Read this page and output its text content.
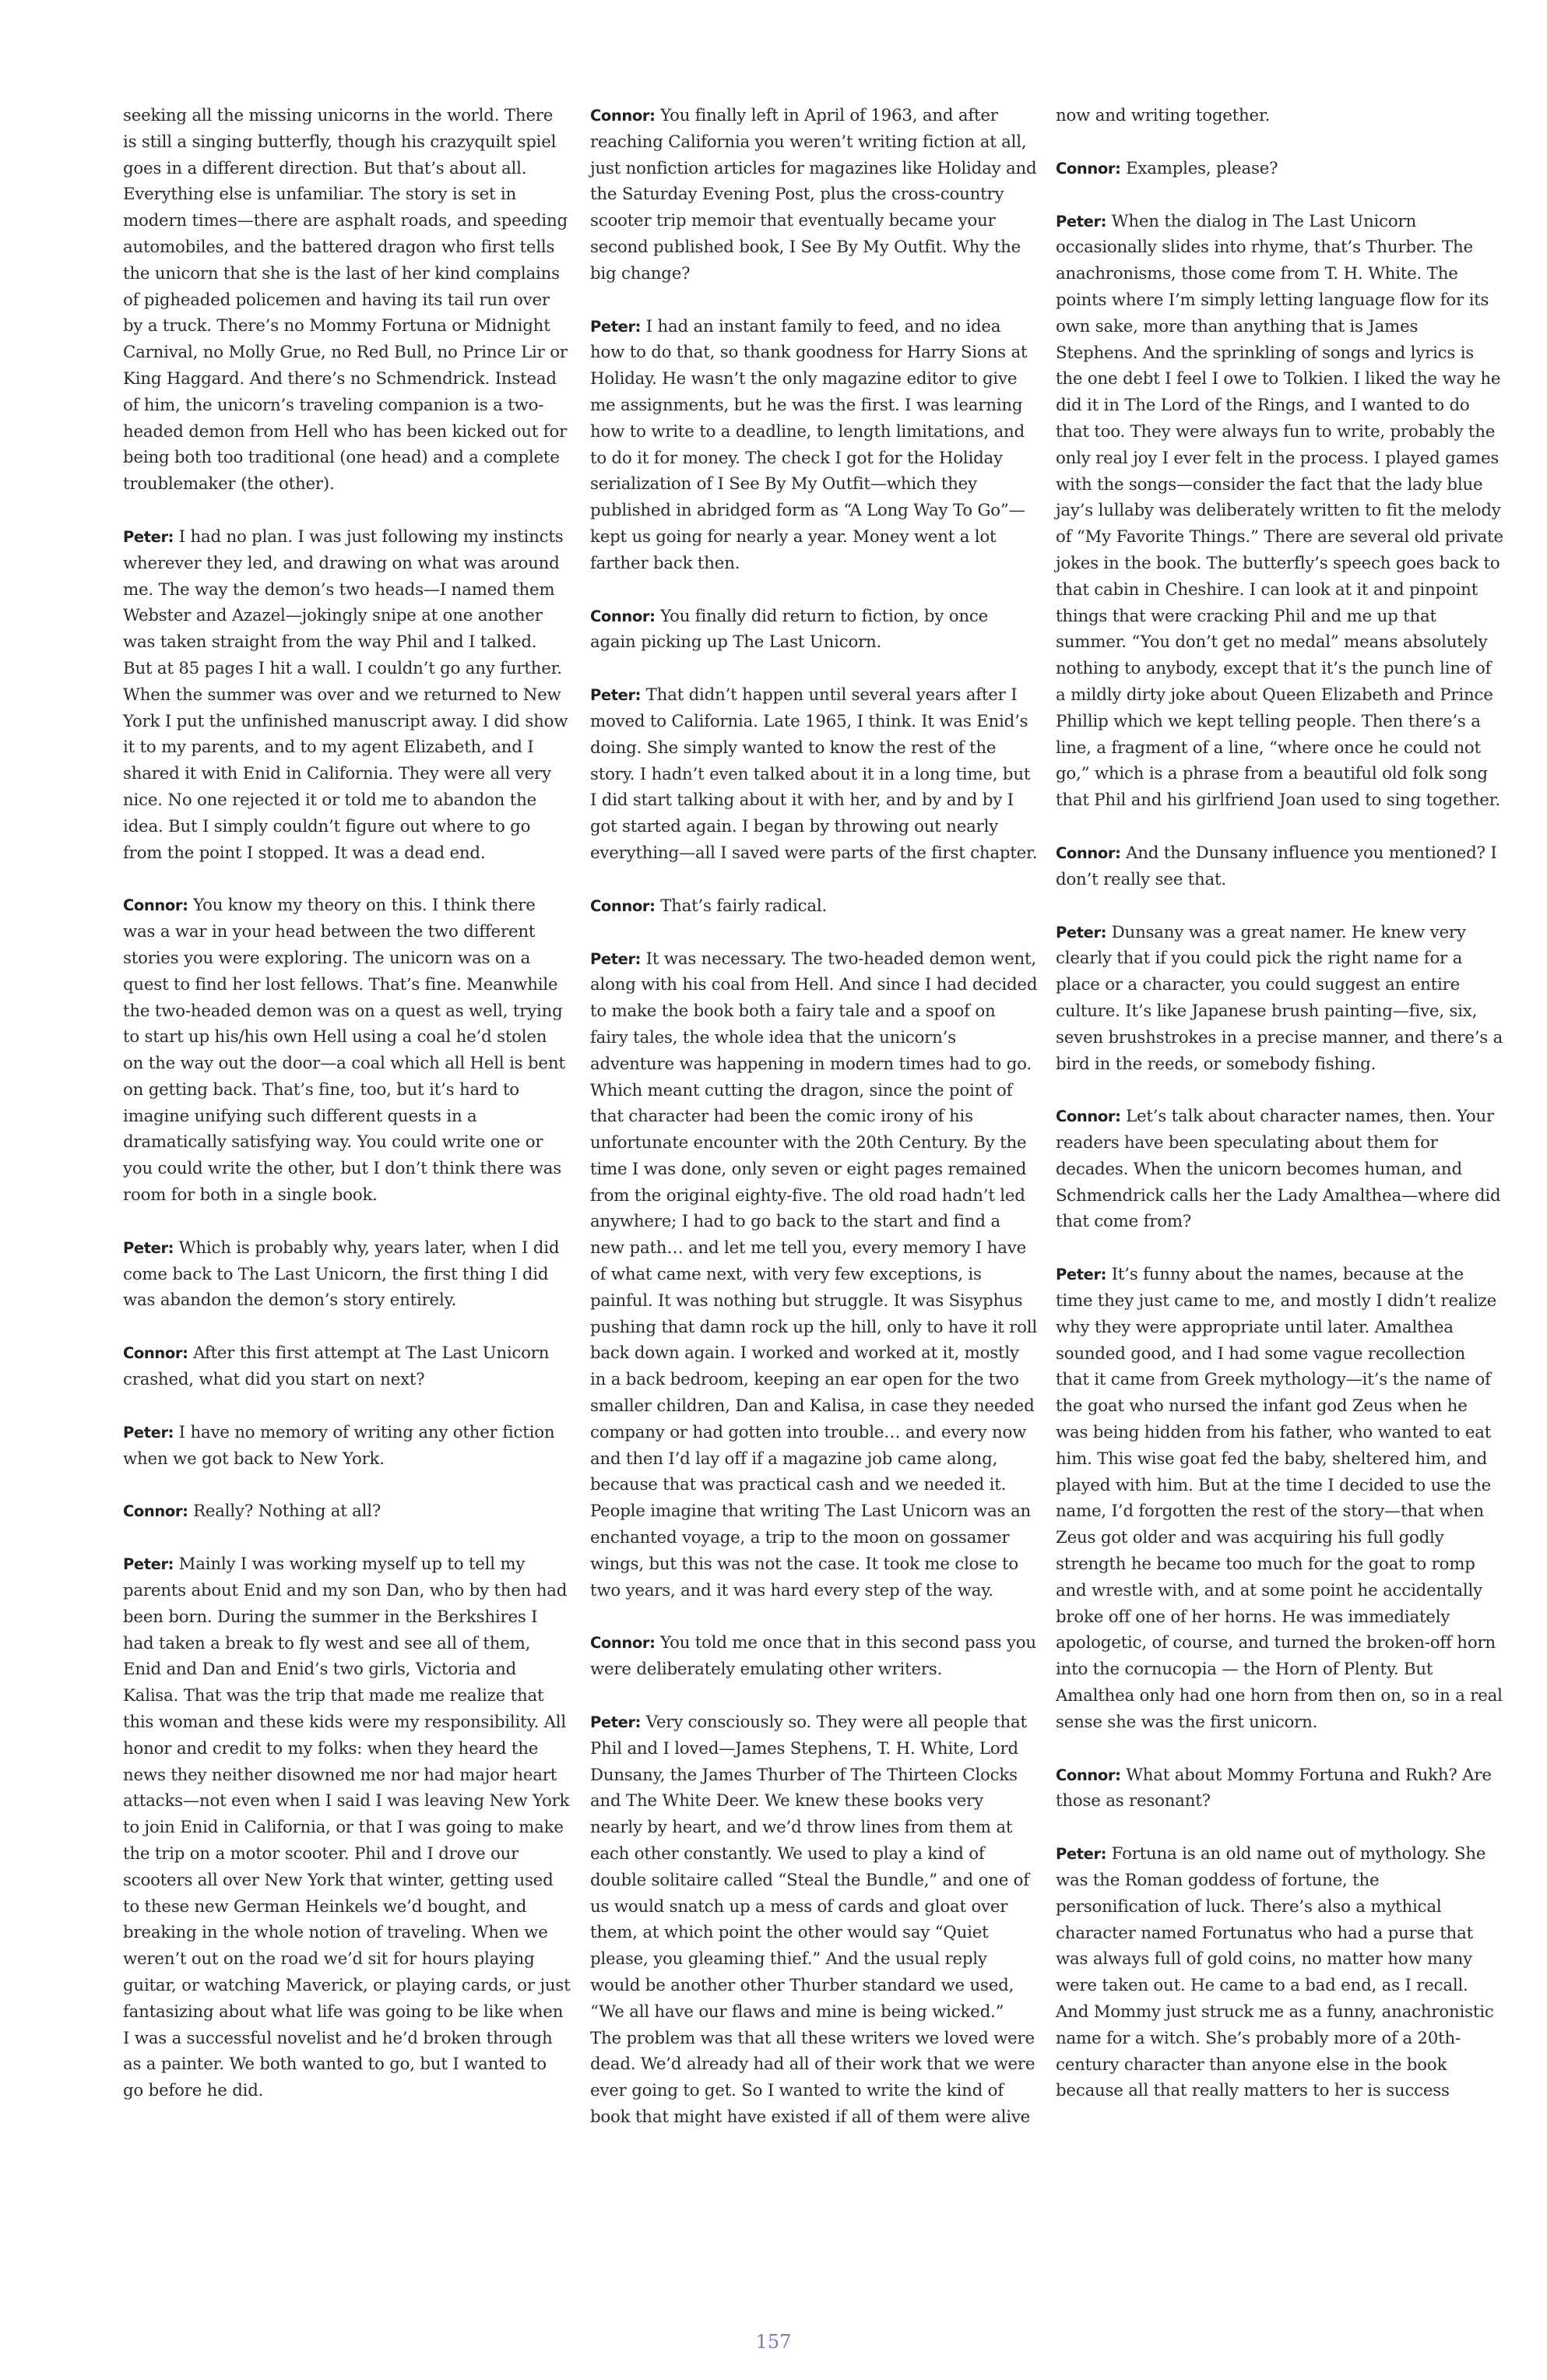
seeking all the missing unicorns in the world. There is still a singing butterfly, though his crazyquilt spiel goes in a different direction. But that’s about all. Everything else is unfamiliar. The story is set in modern times—there are asphalt roads, and speeding automobiles, and the battered dragon who first tells the unicorn that she is the last of her kind complains of pigheaded policemen and having its tail run over by a truck. There’s no Mommy Fortuna or Midnight Carnival, no Molly Grue, no Red Bull, no Prince Lir or King Haggard. And there’s no Schmendrick. Instead of him, the unicorn’s traveling companion is a two-headed demon from Hell who has been kicked out for being both too traditional (one head) and a complete troublemaker (the other).

Peter: I had no plan. I was just following my instincts wherever they led, and drawing on what was around me. The way the demon’s two heads—I named them Webster and Azazel—jokingly snipe at one another was taken straight from the way Phil and I talked. But at 85 pages I hit a wall. I couldn’t go any further. When the summer was over and we returned to New York I put the unfinished manuscript away. I did show it to my parents, and to my agent Elizabeth, and I shared it with Enid in California. They were all very nice. No one rejected it or told me to abandon the idea. But I simply couldn’t figure out where to go from the point I stopped. It was a dead end.

Connor: You know my theory on this. I think there was a war in your head between the two different stories you were exploring. The unicorn was on a quest to find her lost fellows. That’s fine. Meanwhile the two-headed demon was on a quest as well, trying to start up his/his own Hell using a coal he’d stolen on the way out the door—a coal which all Hell is bent on getting back. That’s fine, too, but it’s hard to imagine unifying such different quests in a dramatically satisfying way. You could write one or you could write the other, but I don’t think there was room for both in a single book.

Peter: Which is probably why, years later, when I did come back to The Last Unicorn, the first thing I did was abandon the demon’s story entirely.

Connor: After this first attempt at The Last Unicorn crashed, what did you start on next?

Peter: I have no memory of writing any other fiction when we got back to New York.

Connor: Really? Nothing at all?

Peter: Mainly I was working myself up to tell my parents about Enid and my son Dan, who by then had been born. During the summer in the Berkshires I had taken a break to fly west and see all of them, Enid and Dan and Enid’s two girls, Victoria and Kalisa. That was the trip that made me realize that this woman and these kids were my responsibility. All honor and credit to my folks: when they heard the news they neither disowned me nor had major heart attacks—not even when I said I was leaving New York to join Enid in California, or that I was going to make the trip on a motor scooter. Phil and I drove our scooters all over New York that winter, getting used to these new German Heinkels we’d bought, and breaking in the whole notion of traveling. When we weren’t out on the road we’d sit for hours playing guitar, or watching Maverick, or playing cards, or just fantasizing about what life was going to be like when I was a successful novelist and he’d broken through as a painter. We both wanted to go, but I wanted to go before he did.

Connor: You finally left in April of 1963, and after reaching California you weren’t writing fiction at all, just nonfiction articles for magazines like Holiday and the Saturday Evening Post, plus the cross-country scooter trip memoir that eventually became your second published book, I See By My Outfit. Why the big change?

Peter: I had an instant family to feed, and no idea how to do that, so thank goodness for Harry Sions at Holiday. He wasn’t the only magazine editor to give me assignments, but he was the first. I was learning how to write to a deadline, to length limitations, and to do it for money. The check I got for the Holiday serialization of I See By My Outfit—which they published in abridged form as “A Long Way To Go”—kept us going for nearly a year. Money went a lot farther back then.

Connor: You finally did return to fiction, by once again picking up The Last Unicorn.

Peter: That didn’t happen until several years after I moved to California. Late 1965, I think. It was Enid’s doing. She simply wanted to know the rest of the story. I hadn’t even talked about it in a long time, but I did start talking about it with her, and by and by I got started again. I began by throwing out nearly everything—all I saved were parts of the first chapter.

Connor: That’s fairly radical.

Peter: It was necessary. The two-headed demon went, along with his coal from Hell. And since I had decided to make the book both a fairy tale and a spoof on fairy tales, the whole idea that the unicorn’s adventure was happening in modern times had to go. Which meant cutting the dragon, since the point of that character had been the comic irony of his unfortunate encounter with the 20th Century. By the time I was done, only seven or eight pages remained from the original eighty-five. The old road hadn’t led anywhere; I had to go back to the start and find a new path… and let me tell you, every memory I have of what came next, with very few exceptions, is painful. It was nothing but struggle. It was Sisyphus pushing that damn rock up the hill, only to have it roll back down again. I worked and worked at it, mostly in a back bedroom, keeping an ear open for the two smaller children, Dan and Kalisa, in case they needed company or had gotten into trouble… and every now and then I’d lay off if a magazine job came along, because that was practical cash and we needed it. People imagine that writing The Last Unicorn was an enchanted voyage, a trip to the moon on gossamer wings, but this was not the case. It took me close to two years, and it was hard every step of the way.

Connor: You told me once that in this second pass you were deliberately emulating other writers.

Peter: Very consciously so. They were all people that Phil and I loved—James Stephens, T. H. White, Lord Dunsany, the James Thurber of The Thirteen Clocks and The White Deer. We knew these books very nearly by heart, and we’d throw lines from them at each other constantly. We used to play a kind of double solitaire called “Steal the Bundle,” and one of us would snatch up a mess of cards and gloat over them, at which point the other would say “Quiet please, you gleaming thief.” And the usual reply would be another other Thurber standard we used, “We all have our flaws and mine is being wicked.” The problem was that all these writers we loved were dead. We’d already had all of their work that we were ever going to get. So I wanted to write the kind of book that might have existed if all of them were alive

now and writing together.

Connor: Examples, please?

Peter: When the dialog in The Last Unicorn occasionally slides into rhyme, that’s Thurber. The anachronisms, those come from T. H. White. The points where I’m simply letting language flow for its own sake, more than anything that is James Stephens. And the sprinkling of songs and lyrics is the one debt I feel I owe to Tolkien. I liked the way he did it in The Lord of the Rings, and I wanted to do that too. They were always fun to write, probably the only real joy I ever felt in the process. I played games with the songs—consider the fact that the lady blue jay’s lullaby was deliberately written to fit the melody of “My Favorite Things.” There are several old private jokes in the book. The butterfly’s speech goes back to that cabin in Cheshire. I can look at it and pinpoint things that were cracking Phil and me up that summer. “You don’t get no medal” means absolutely nothing to anybody, except that it’s the punch line of a mildly dirty joke about Queen Elizabeth and Prince Phillip which we kept telling people. Then there’s a line, a fragment of a line, “where once he could not go,” which is a phrase from a beautiful old folk song that Phil and his girlfriend Joan used to sing together.

Connor: And the Dunsany influence you mentioned? I don’t really see that.

Peter: Dunsany was a great namer. He knew very clearly that if you could pick the right name for a place or a character, you could suggest an entire culture. It’s like Japanese brush painting—five, six, seven brushstrokes in a precise manner, and there’s a bird in the reeds, or somebody fishing.

Connor: Let’s talk about character names, then. Your readers have been speculating about them for decades. When the unicorn becomes human, and Schmendrick calls her the Lady Amalthea—where did that come from?

Peter: It’s funny about the names, because at the time they just came to me, and mostly I didn’t realize why they were appropriate until later. Amalthea sounded good, and I had some vague recollection that it came from Greek mythology—it’s the name of the goat who nursed the infant god Zeus when he was being hidden from his father, who wanted to eat him. This wise goat fed the baby, sheltered him, and played with him. But at the time I decided to use the name, I’d forgotten the rest of the story—that when Zeus got older and was acquiring his full godly strength he became too much for the goat to romp and wrestle with, and at some point he accidentally broke off one of her horns. He was immediately apologetic, of course, and turned the broken-off horn into the cornucopia — the Horn of Plenty. But Amalthea only had one horn from then on, so in a real sense she was the first unicorn.

Connor: What about Mommy Fortuna and Rukh? Are those as resonant?

Peter: Fortuna is an old name out of mythology. She was the Roman goddess of fortune, the personification of luck. There’s also a mythical character named Fortunatus who had a purse that was always full of gold coins, no matter how many were taken out. He came to a bad end, as I recall. And Mommy just struck me as a funny, anachronistic name for a witch. She’s probably more of a 20th-century character than anyone else in the book because all that really matters to her is success

157
